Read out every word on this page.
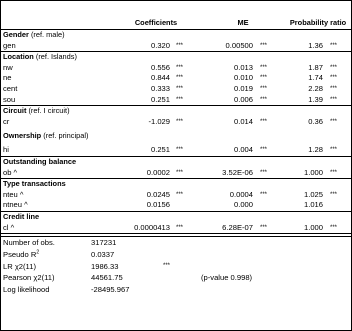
	Coefficients		ME		Probability ratio	
Gender (ref. male)						
gen	0.320	***	0.00500	***	1.36	***
Location (ref. Islands)						
nw	0.556	***	0.013	***	1.87	***
ne	0.844	***	0.010	***	1.74	***
cent	0.333	***	0.019	***	2.28	***
sou	0.251	***	0.006	***	1.39	***
Circuit (ref. I circuit)						
cr	-1.029	***	0.014	***	0.36	***
Ownership (ref. principal)						
hi	0.251	***	0.004	***	1.28	***
Outstanding balance						
ob ^	0.0002	***	3.52E-06	***	1.000	***
Type transactions						
nteu ^	0.0245	***	0.0004	***	1.025	***
ntneu ^	0.0156		0.000		1.016	
Credit line						
cl ^	0.0000413	***	6.28E-07	***	1.000	***
Number of obs.	317231		
Pseudo $R^2$	0.0337		
LR χ2(11)	1986.33	***	
Pearson χ2(11)	44561.75		(p-value 0.998)
Log likelihood	-28495.967		
